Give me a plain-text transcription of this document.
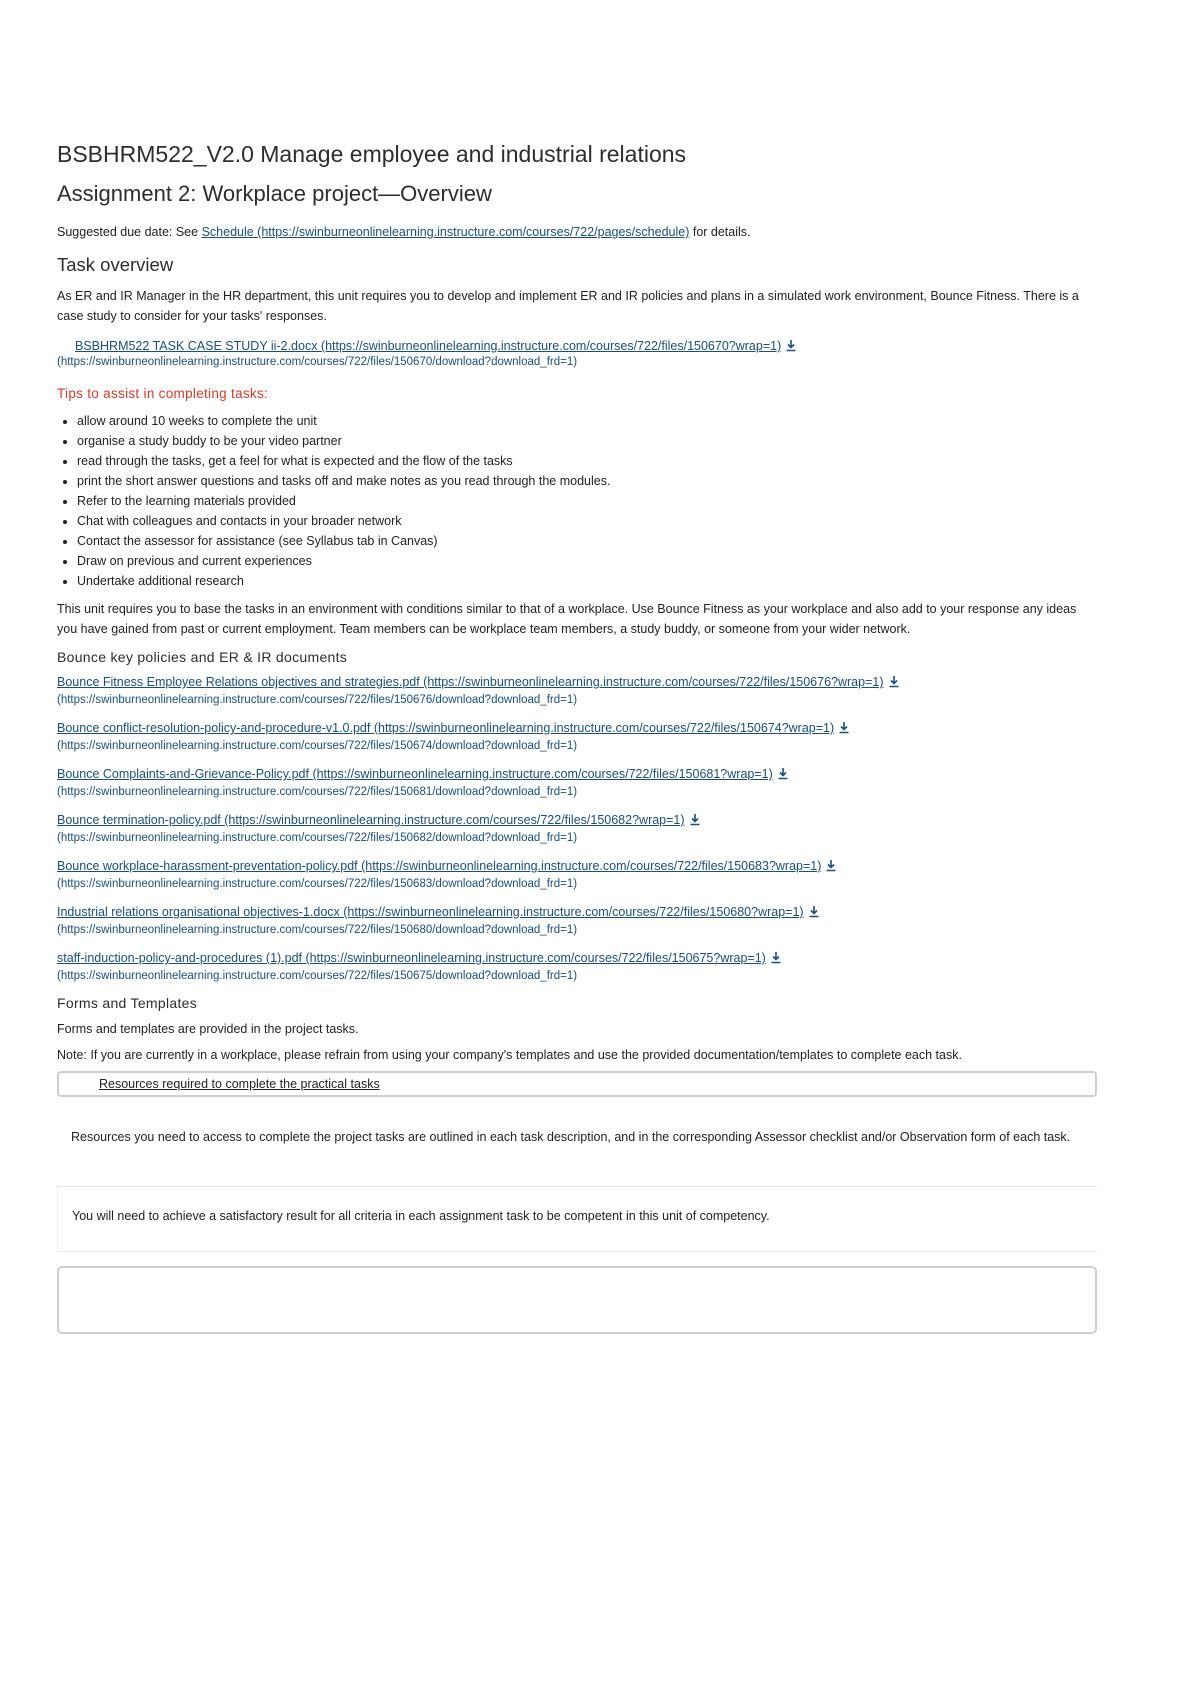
BSBHRM522_V2.0 Manage employee and industrial relations
Assignment 2: Workplace project—Overview
Suggested due date: See Schedule (https://swinburneonlinelearning.instructure.com/courses/722/pages/schedule) for details.
Task overview
As ER and IR Manager in the HR department, this unit requires you to develop and implement ER and IR policies and plans in a simulated work environment, Bounce Fitness. There is a case study to consider for your tasks' responses.
BSBHRM522 TASK CASE STUDY ii-2.docx (https://swinburneonlinelearning.instructure.com/courses/722/files/150670?wrap=1)
(https://swinburneonlinelearning.instructure.com/courses/722/files/150670/download?download_frd=1)
Tips to assist in completing tasks:
• allow around 10 weeks to complete the unit
• organise a study buddy to be your video partner
• read through the tasks, get a feel for what is expected and the flow of the tasks
• print the short answer questions and tasks off and make notes as you read through the modules.
• Refer to the learning materials provided
• Chat with colleagues and contacts in your broader network
• Contact the assessor for assistance (see Syllabus tab in Canvas)
• Draw on previous and current experiences
• Undertake additional research
This unit requires you to base the tasks in an environment with conditions similar to that of a workplace. Use Bounce Fitness as your workplace and also add to your response any ideas you have gained from past or current employment. Team members can be workplace team members, a study buddy, or someone from your wider network.
Bounce key policies and ER & IR documents
Bounce Fitness Employee Relations objectives and strategies.pdf (https://swinburneonlinelearning.instructure.com/courses/722/files/150676?wrap=1)
(https://swinburneonlinelearning.instructure.com/courses/722/files/150676/download?download_frd=1)
Bounce conflict-resolution-policy-and-procedure-v1.0.pdf (https://swinburneonlinelearning.instructure.com/courses/722/files/150674?wrap=1)
(https://swinburneonlinelearning.instructure.com/courses/722/files/150674/download?download_frd=1)
Bounce Complaints-and-Grievance-Policy.pdf (https://swinburneonlinelearning.instructure.com/courses/722/files/150681?wrap=1)
(https://swinburneonlinelearning.instructure.com/courses/722/files/150681/download?download_frd=1)
Bounce termination-policy.pdf (https://swinburneonlinelearning.instructure.com/courses/722/files/150682?wrap=1)
(https://swinburneonlinelearning.instructure.com/courses/722/files/150682/download?download_frd=1)
Bounce workplace-harassment-preventation-policy.pdf (https://swinburneonlinelearning.instructure.com/courses/722/files/150683?wrap=1)
(https://swinburneonlinelearning.instructure.com/courses/722/files/150683/download?download_frd=1)
Industrial relations organisational objectives-1.docx (https://swinburneonlinelearning.instructure.com/courses/722/files/150680?wrap=1)
(https://swinburneonlinelearning.instructure.com/courses/722/files/150680/download?download_frd=1)
staff-induction-policy-and-procedures (1).pdf (https://swinburneonlinelearning.instructure.com/courses/722/files/150675?wrap=1)
(https://swinburneonlinelearning.instructure.com/courses/722/files/150675/download?download_frd=1)
Forms and Templates
Forms and templates are provided in the project tasks.
Note: If you are currently in a workplace, please refrain from using your company's templates and use the provided documentation/templates to complete each task.
Resources required to complete the practical tasks
Resources you need to access to complete the project tasks are outlined in each task description, and in the corresponding Assessor checklist and/or Observation form of each task.
You will need to achieve a satisfactory result for all criteria in each assignment task to be competent in this unit of competency.
